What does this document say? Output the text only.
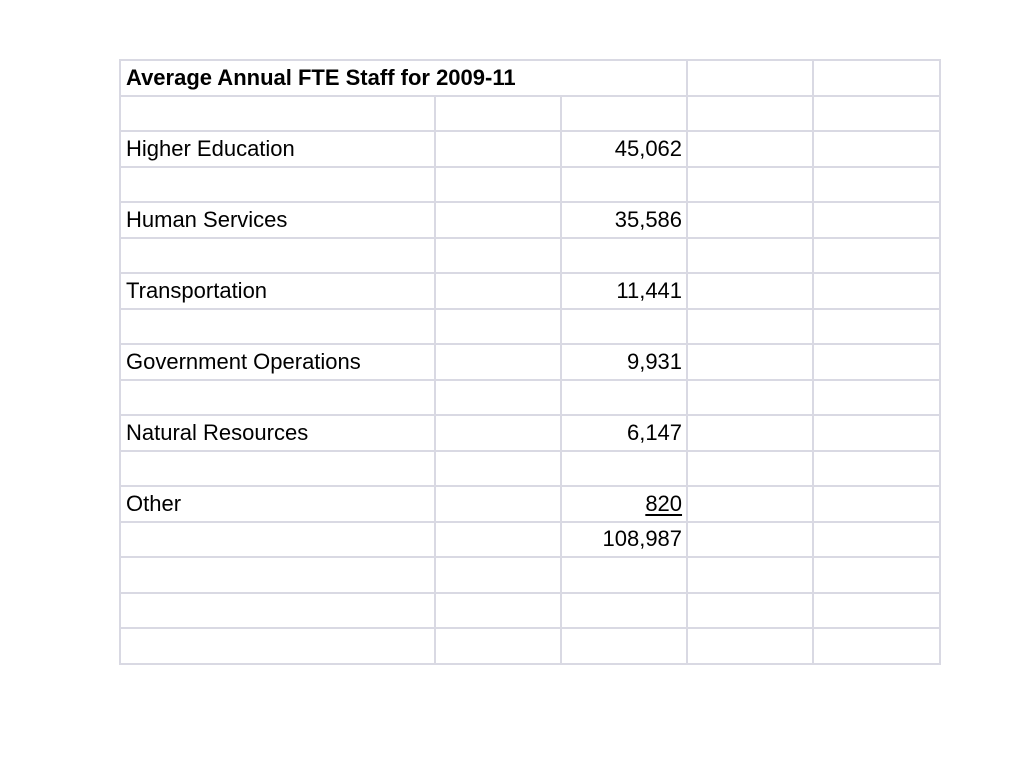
Average Annual FTE Staff for 2009-11				

Higher Education		45,062		

Human Services		35,586		

Transportation		11,441		

Government Operations		9,931		

Natural Resources		6,147		

Other		820		
		108,987		
